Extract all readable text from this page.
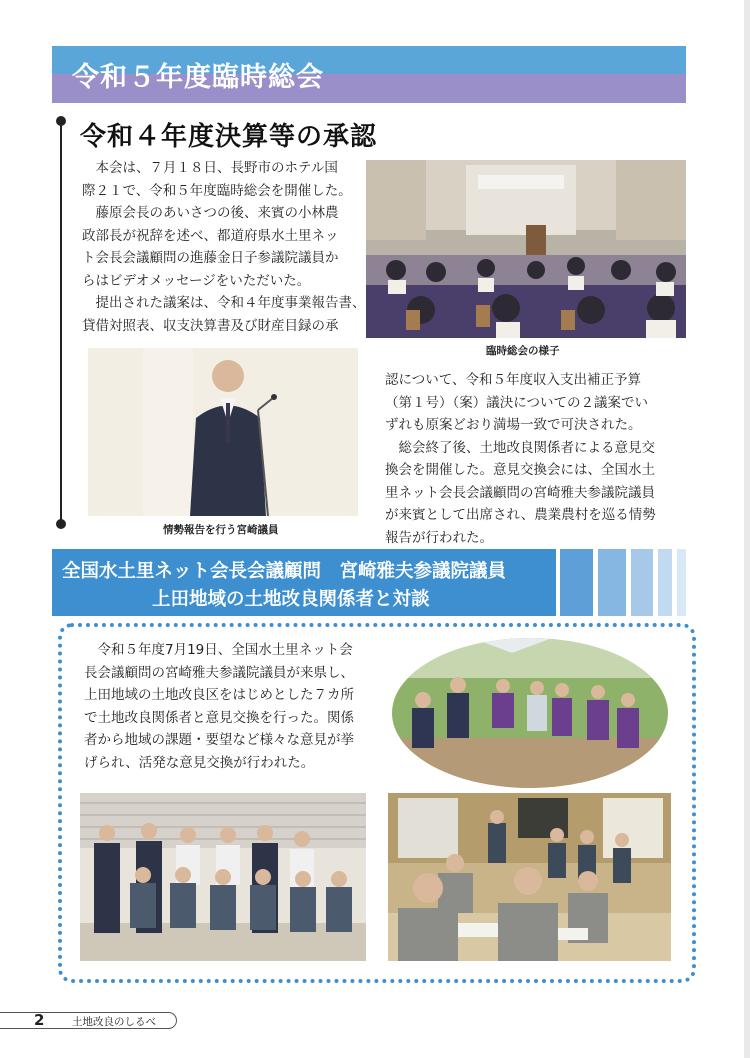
令和５年度臨時総会
令和４年度決算等の承認
　本会は、７月１８日、長野市のホテル国
際２１で、令和５年度臨時総会を開催した。
　藤原会長のあいさつの後、来賓の小林農
政部長が祝辞を述べ、都道府県水土里ネッ
ト会長会議顧問の進藤金日子参議院議員か
らはビデオメッセージをいただいた。
　提出された議案は、令和４年度事業報告書、
貸借対照表、収支決算書及び財産目録の承
臨時総会の様子
情勢報告を行う宮崎議員
認について、令和５年度収入支出補正予算
（第１号）（案）議決についての２議案でい
ずれも原案どおり満場一致で可決された。
　総会終了後、土地改良関係者による意見交
換会を開催した。意見交換会には、全国水土
里ネット会長会議顧問の宮崎雅夫参議院議員
が来賓として出席され、農業農村を巡る情勢
報告が行われた。
全国水土里ネット会長会議顧問　宮崎雅夫参議院議員
上田地域の土地改良関係者と対談
　令和５年度7月19日、全国水土里ネット会
長会議顧問の宮崎雅夫参議院議員が来県し、
上田地域の土地改良区をはじめとした７カ所
で土地改良関係者と意見交換を行った。関係
者から地域の課題・要望など様々な意見が挙
げられ、活発な意見交換が行われた。
2	土地改良のしるべ
